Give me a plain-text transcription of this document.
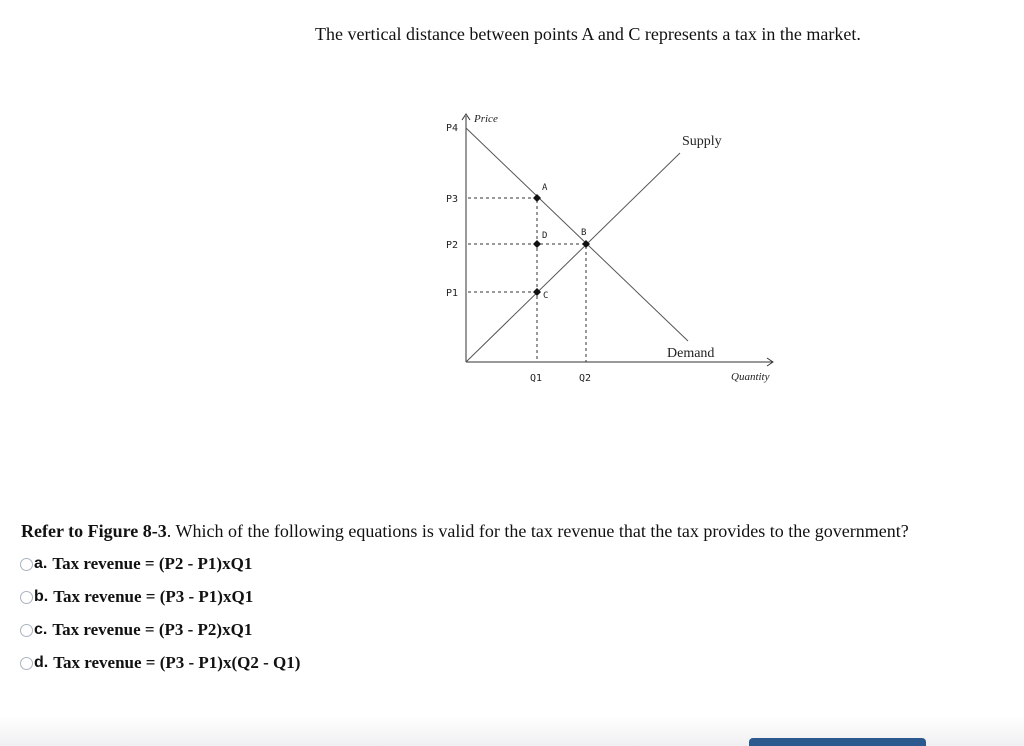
The vertical distance between points A and C represents a tax in the market.
P4
P3
P2
P1
Q1	Q2
A
B
C
D
Price
Quantity
Supply
Demand
Refer to Figure 8-3. Which of the following equations is valid for the tax revenue that the tax provides to the government?
a. Tax revenue = (P2 - P1)xQ1
b. Tax revenue = (P3 - P1)xQ1
c. Tax revenue = (P3 - P2)xQ1
d. Tax revenue = (P3 - P1)x(Q2 - Q1)
